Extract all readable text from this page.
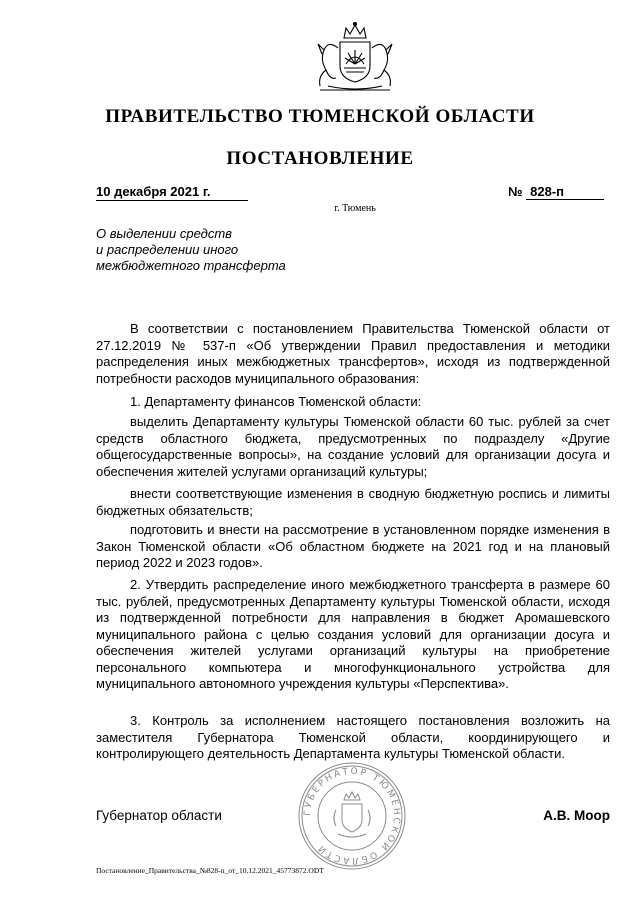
ПРАВИТЕЛЬСТВО ТЮМЕНСКОЙ ОБЛАСТИ
ПОСТАНОВЛЕНИЕ
10 декабря 2021 г.	№ 828-п
г. Тюмень
О выделении средств
и распределении иного
межбюджетного трансферта

В соответствии с постановлением Правительства Тюменской области от 27.12.2019 № 537-п «Об утверждении Правил предоставления и методики распределения иных межбюджетных трансфертов», исходя из подтвержденной потребности расходов муниципального образования:

1. Департаменту финансов Тюменской области:

выделить Департаменту культуры Тюменской области 60 тыс. рублей за счет средств областного бюджета, предусмотренных по подразделу «Другие общегосударственные вопросы», на создание условий для организации досуга и обеспечения жителей услугами организаций культуры;

внести соответствующие изменения в сводную бюджетную роспись и лимиты бюджетных обязательств;

подготовить и внести на рассмотрение в установленном порядке изменения в Закон Тюменской области «Об областном бюджете на 2021 год и на плановый период 2022 и 2023 годов».

2. Утвердить распределение иного межбюджетного трансферта в размере 60 тыс. рублей, предусмотренных Департаменту культуры Тюменской области, исходя из подтвержденной потребности для направления в бюджет Аромашевского муниципального района с целью создания условий для организации досуга и обеспечения жителей услугами организаций культуры на приобретение персонального компьютера и многофункционального устройства для муниципального автономного учреждения культуры «Перспектива».

3. Контроль за исполнением настоящего постановления возложить на заместителя Губернатора Тюменской области, координирующего и контролирующего деятельность Департамента культуры Тюменской области.

ГУБЕРНАТОР ТЮМЕНСКОЙ ОБЛАСТИ
Губернатор области	А.В. Моор
Постановление_Правительства_№828-п_от_10.12.2021_45773872.ODT
